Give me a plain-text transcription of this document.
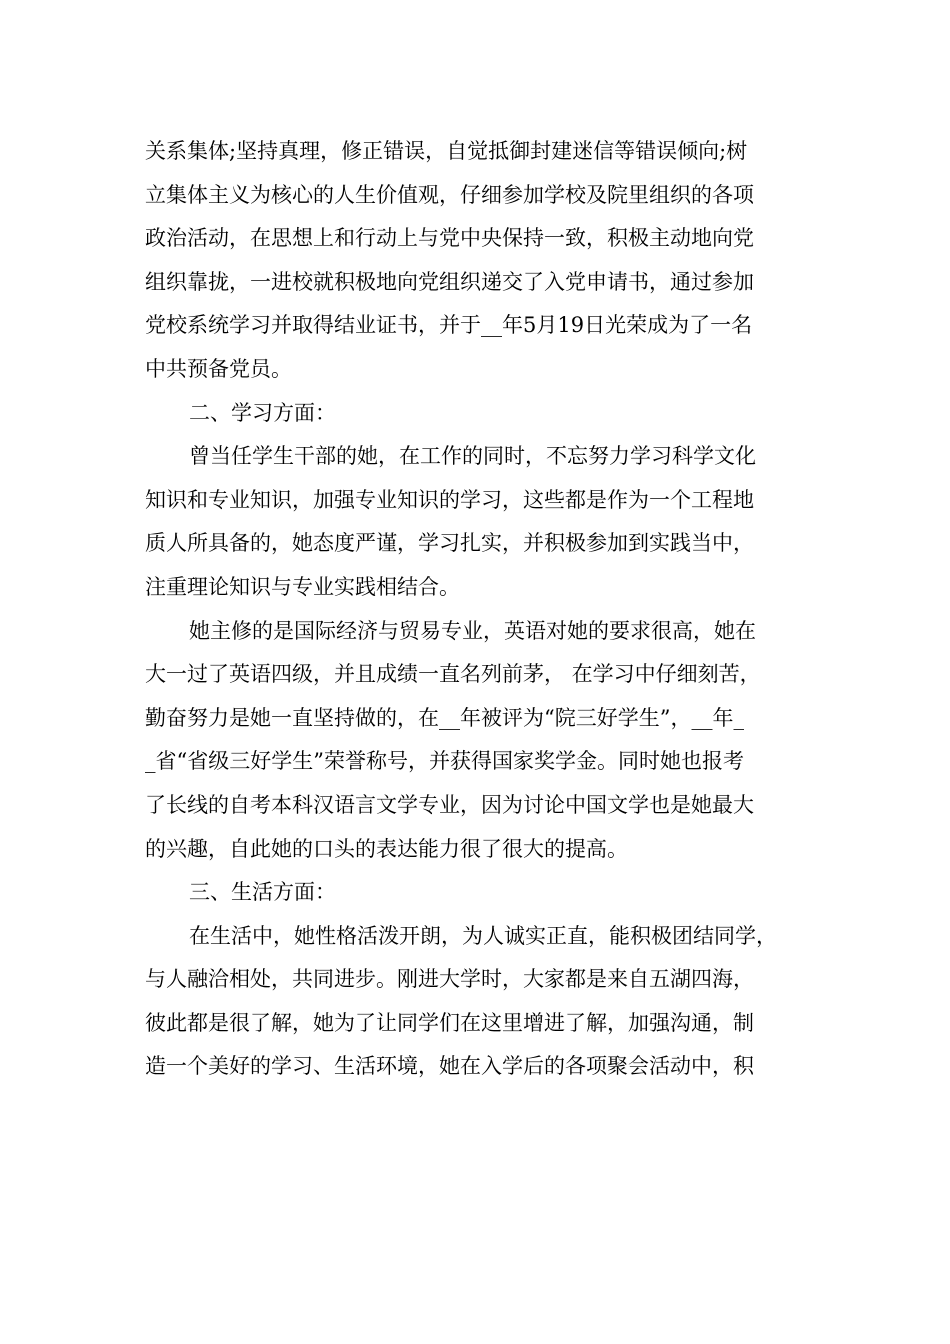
关系集体;坚持真理，修正错误，自觉抵御封建迷信等错误倾向;树
立集体主义为核心的人生价值观，仔细参加学校及院里组织的各项
政治活动，在思想上和行动上与党中央保持一致，积极主动地向党
组织靠拢，一进校就积极地向党组织递交了入党申请书，通过参加
党校系统学习并取得结业证书，并于__年5月19日光荣成为了一名
中共预备党员。

二、学习方面：

曾当任学生干部的她，在工作的同时，不忘努力学习科学文化
知识和专业知识，加强专业知识的学习，这些都是作为一个工程地
质人所具备的，她态度严谨，学习扎实，并积极参加到实践当中，
注重理论知识与专业实践相结合。

她主修的是国际经济与贸易专业，英语对她的要求很高，她在
大一过了英语四级，并且成绩一直名列前茅， 在学习中仔细刻苦，
勤奋努力是她一直坚持做的，在__年被评为“院三好学生”，__年_
_省“省级三好学生”荣誉称号，并获得国家奖学金。同时她也报考
了长线的自考本科汉语言文学专业，因为讨论中国文学也是她最大
的兴趣，自此她的口头的表达能力很了很大的提高。

三、生活方面：

在生活中，她性格活泼开朗，为人诚实正直，能积极团结同学，
与人融洽相处，共同进步。刚进大学时，大家都是来自五湖四海，
彼此都是很了解，她为了让同学们在这里增进了解，加强沟通，制
造一个美好的学习、生活环境，她在入学后的各项聚会活动中，积
